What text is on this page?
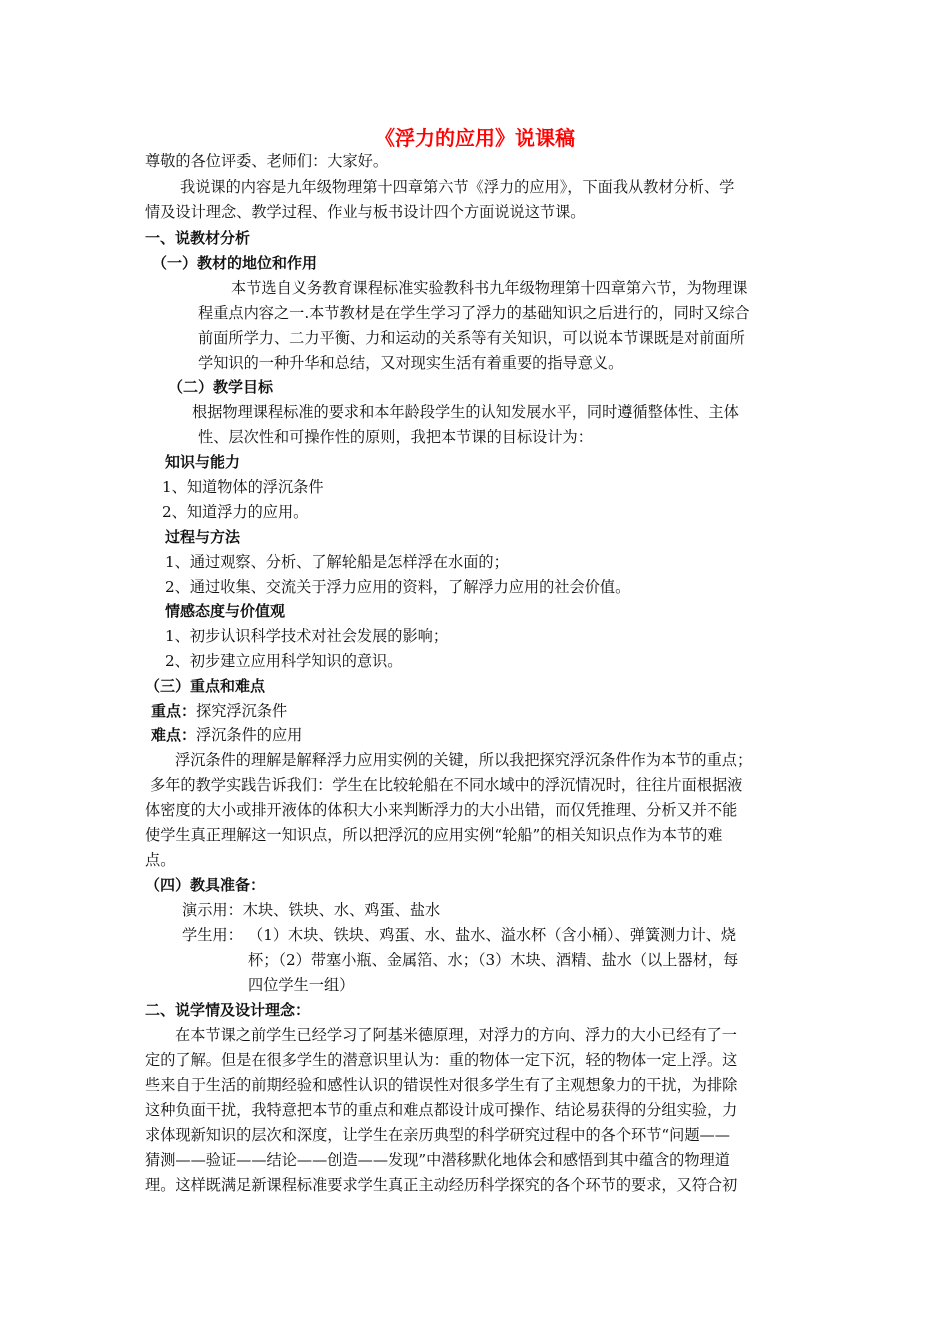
《浮力的应用》说课稿
尊敬的各位评委、老师们：大家好。
我说课的内容是九年级物理第十四章第六节《浮力的应用》，下面我从教材分析、学
情及设计理念、教学过程、作业与板书设计四个方面说说这节课。
一、说教材分析
（一）教材的地位和作用
本节选自义务教育课程标准实验教科书九年级物理第十四章第六节，为物理课
程重点内容之一.本节教材是在学生学习了浮力的基础知识之后进行的，同时又综合
前面所学力、二力平衡、力和运动的关系等有关知识，可以说本节课既是对前面所
学知识的一种升华和总结，又对现实生活有着重要的指导意义。
（二）教学目标
根据物理课程标准的要求和本年龄段学生的认知发展水平，同时遵循整体性、主体
性、层次性和可操作性的原则，我把本节课的目标设计为：
知识与能力
1、知道物体的浮沉条件
2、知道浮力的应用。
过程与方法
1、通过观察、分析、了解轮船是怎样浮在水面的；
2、通过收集、交流关于浮力应用的资料，了解浮力应用的社会价值。
情感态度与价值观
1、初步认识科学技术对社会发展的影响；
2、初步建立应用科学知识的意识。
（三）重点和难点
重点：探究浮沉条件
难点：浮沉条件的应用
浮沉条件的理解是解释浮力应用实例的关键，所以我把探究浮沉条件作为本节的重点；
多年的教学实践告诉我们：学生在比较轮船在不同水域中的浮沉情况时，往往片面根据液
体密度的大小或排开液体的体积大小来判断浮力的大小出错，而仅凭推理、分析又并不能
使学生真正理解这一知识点，所以把浮沉的应用实例“轮船”的相关知识点作为本节的难
点。
（四）教具准备：
演示用：木块、铁块、水、鸡蛋、盐水
学生用： （1）木块、铁块、鸡蛋、水、盐水、溢水杯（含小桶）、弹簧测力计、烧
杯；（2）带塞小瓶、金属箔、水；（3）木块、酒精、盐水（以上器材，每
四位学生一组）
二、说学情及设计理念：
在本节课之前学生已经学习了阿基米德原理，对浮力的方向、浮力的大小已经有了一
定的了解。但是在很多学生的潜意识里认为：重的物体一定下沉，轻的物体一定上浮。这
些来自于生活的前期经验和感性认识的错误性对很多学生有了主观想象力的干扰，为排除
这种负面干扰，我特意把本节的重点和难点都设计成可操作、结论易获得的分组实验，力
求体现新知识的层次和深度，让学生在亲历典型的科学研究过程中的各个环节“问题——
猜测——验证——结论——创造——发现”中潜移默化地体会和感悟到其中蕴含的物理道
理。这样既满足新课程标准要求学生真正主动经历科学探究的各个环节的要求，又符合初
